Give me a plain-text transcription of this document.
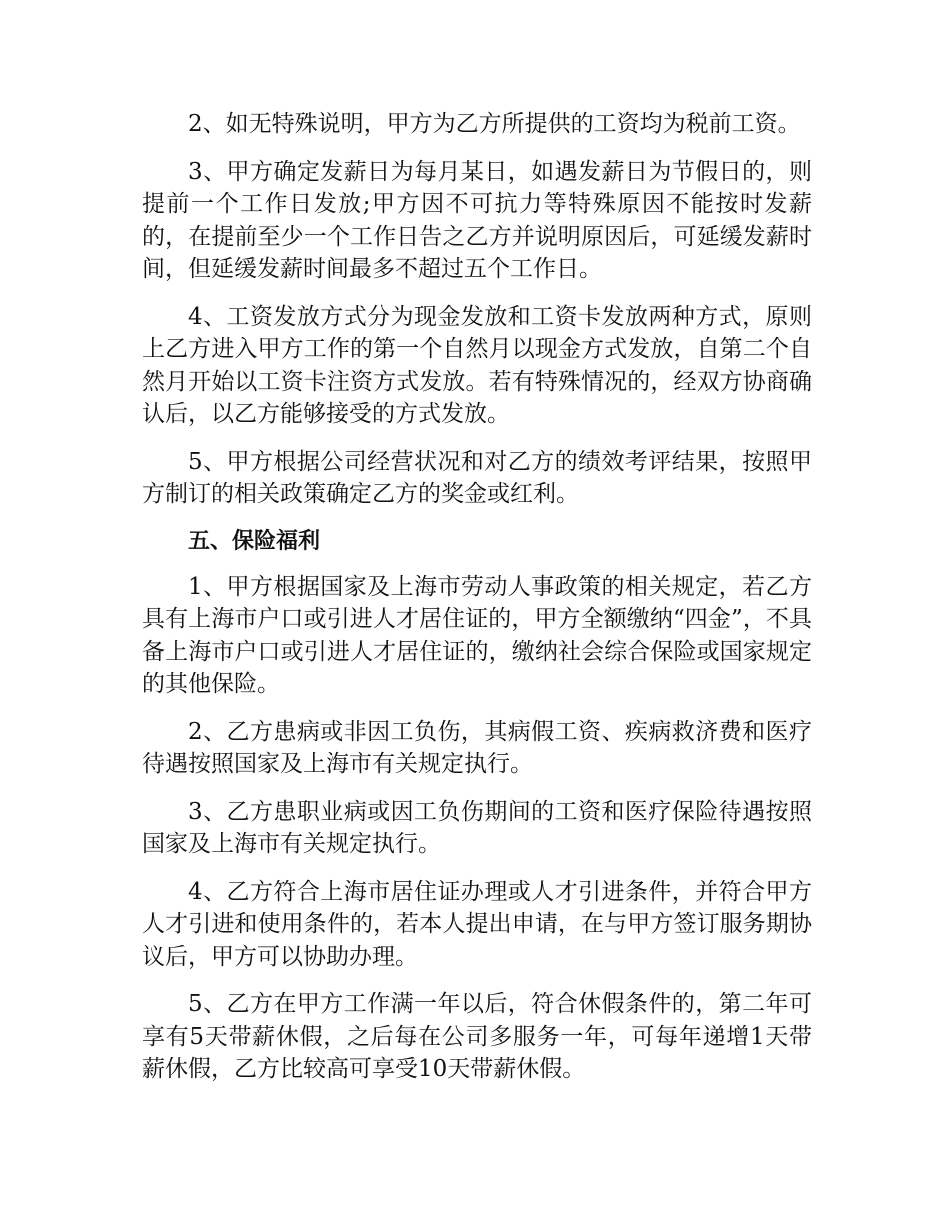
2、如无特殊说明，甲方为乙方所提供的工资均为税前工资。

3、甲方确定发薪日为每月某日，如遇发薪日为节假日的，则提前一个工作日发放;甲方因不可抗力等特殊原因不能按时发薪的，在提前至少一个工作日告之乙方并说明原因后，可延缓发薪时间，但延缓发薪时间最多不超过五个工作日。

4、工资发放方式分为现金发放和工资卡发放两种方式，原则上乙方进入甲方工作的第一个自然月以现金方式发放，自第二个自然月开始以工资卡注资方式发放。若有特殊情况的，经双方协商确认后，以乙方能够接受的方式发放。

5、甲方根据公司经营状况和对乙方的绩效考评结果，按照甲方制订的相关政策确定乙方的奖金或红利。

五、保险福利

1、甲方根据国家及上海市劳动人事政策的相关规定，若乙方具有上海市户口或引进人才居住证的，甲方全额缴纳“四金”，不具备上海市户口或引进人才居住证的，缴纳社会综合保险或国家规定的其他保险。

2、乙方患病或非因工负伤，其病假工资、疾病救济费和医疗待遇按照国家及上海市有关规定执行。

3、乙方患职业病或因工负伤期间的工资和医疗保险待遇按照国家及上海市有关规定执行。

4、乙方符合上海市居住证办理或人才引进条件，并符合甲方人才引进和使用条件的，若本人提出申请，在与甲方签订服务期协议后，甲方可以协助办理。

5、乙方在甲方工作满一年以后，符合休假条件的，第二年可享有5天带薪休假，之后每在公司多服务一年，可每年递增1天带薪休假，乙方比较高可享受10天带薪休假。
